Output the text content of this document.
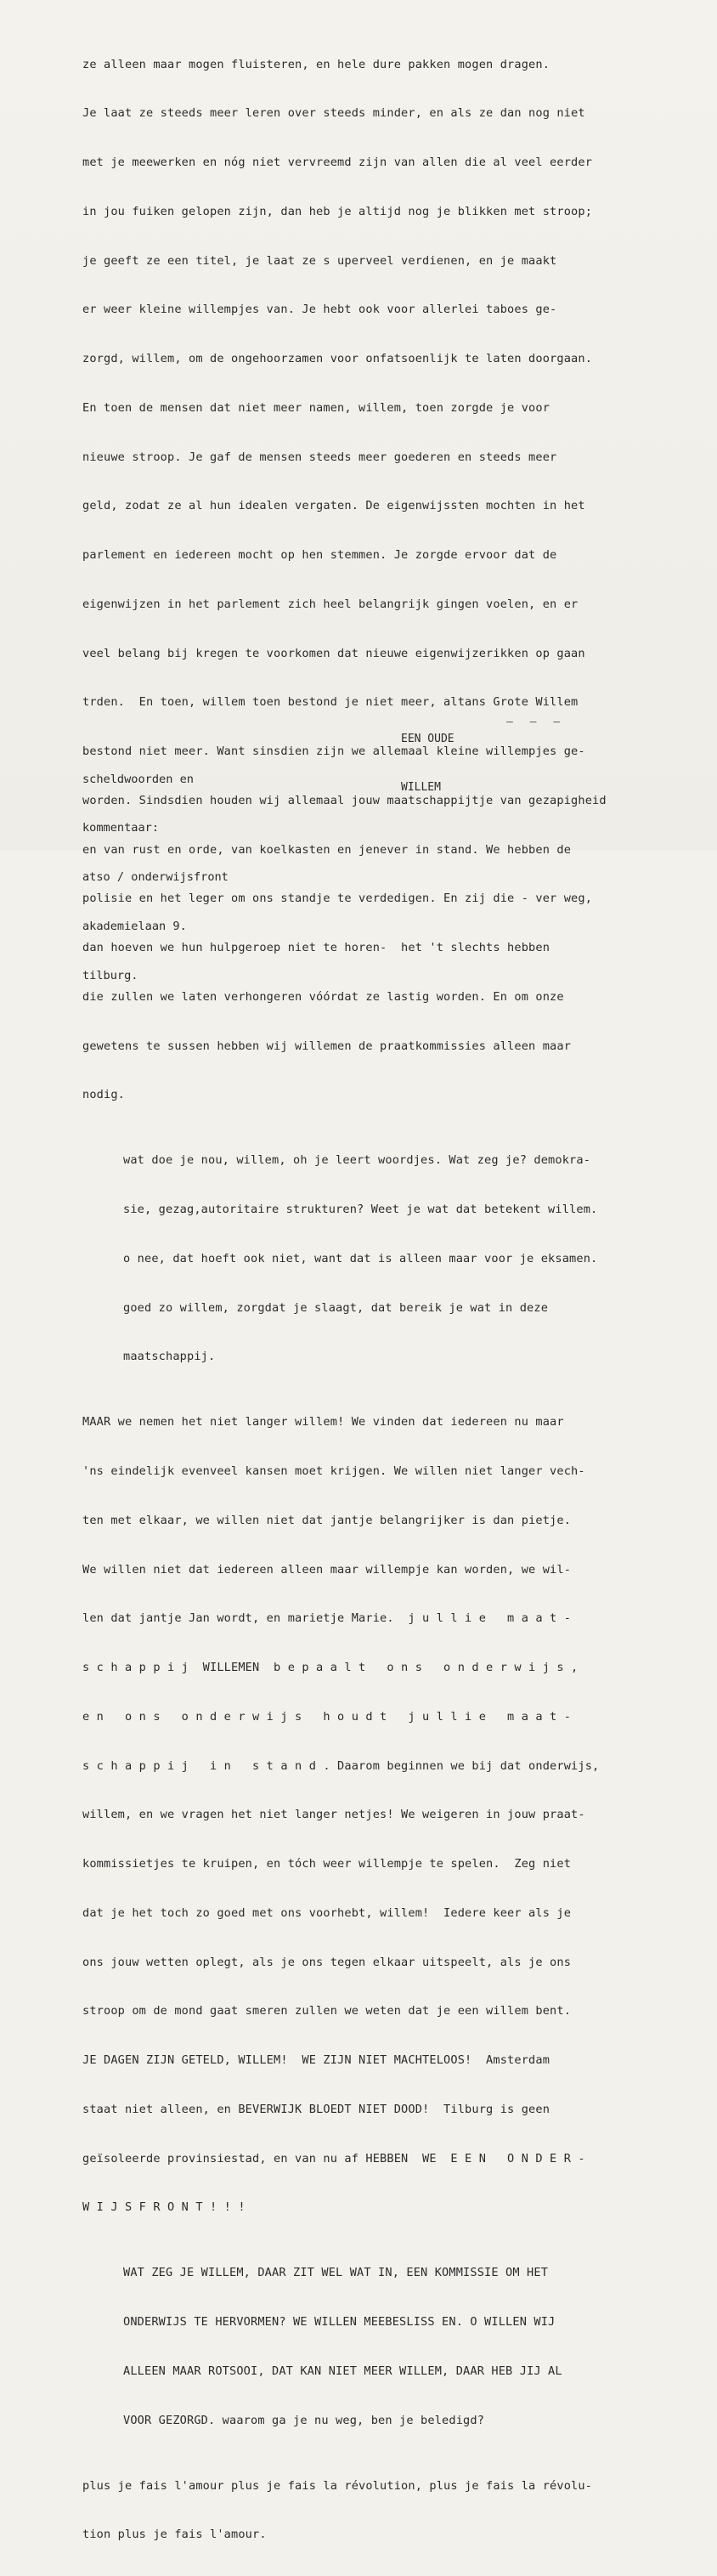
ze alleen maar mogen fluisteren, en hele dure pakken mogen dragen.

Je laat ze steeds meer leren over steeds minder, en als ze dan nog niet

met je meewerken en nóg niet vervreemd zijn van allen die al veel eerder

in jou fuiken gelopen zijn, dan heb je altijd nog je blikken met stroop;

je geeft ze een titel, je laat ze s uperveel verdienen, en je maakt

er weer kleine willempjes van. Je hebt ook voor allerlei taboes ge-

zorgd, willem, om de ongehoorzamen voor onfatsoenlijk te laten doorgaan.

En toen de mensen dat niet meer namen, willem, toen zorgde je voor

nieuwe stroop. Je gaf de mensen steeds meer goederen en steeds meer

geld, zodat ze al hun idealen vergaten. De eigenwijssten mochten in het

parlement en iedereen mocht op hen stemmen. Je zorgde ervoor dat de

eigenwijzen in het parlement zich heel belangrijk gingen voelen, en er

veel belang bij kregen te voorkomen dat nieuwe eigenwijzerikken op gaan

trden.  En toen, willem toen bestond je niet meer, altans Grote Willem

bestond niet meer. Want sinsdien zijn we allemaal kleine willempjes ge-

worden. Sindsdien houden wij allemaal jouw maatschappijtje van gezapigheid

en van rust en orde, van koelkasten en jenever in stand. We hebben de

polisie en het leger om ons standje te verdedigen. En zij die - ver weg,

dan hoeven we hun hulpgeroep niet te horen-  het 't slechts hebben

die zullen we laten verhongeren vóórdat ze lastig worden. En om onze

gewetens te sussen hebben wij willemen de praatkommissies alleen maar

nodig.

wat doe je nou, willem, oh je leert woordjes. Wat zeg je? demokra-

sie, gezag,autoritaire strukturen? Weet je wat dat betekent willem.

o nee, dat hoeft ook niet, want dat is alleen maar voor je eksamen.

goed zo willem, zorgdat je slaagt, dat bereik je wat in deze

maatschappij.

MAAR we nemen het niet langer willem! We vinden dat iedereen nu maar

'ns eindelijk evenveel kansen moet krijgen. We willen niet langer vech-

ten met elkaar, we willen niet dat jantje belangrijker is dan pietje.

We willen niet dat iedereen alleen maar willempje kan worden, we wil-

len dat jantje Jan wordt, en marietje Marie.  j u l l i e   m a a t -

s c h a p p i j  WILLEMEN  b e p a a l t   o n s   o n d e r w i j s ,

e n   o n s   o n d e r w i j s   h o u d t   j u l l i e   m a a t -

s c h a p p i j   i n   s t a n d . Daarom beginnen we bij dat onderwijs,

willem, en we vragen het niet langer netjes! We weigeren in jouw praat-

kommissietjes te kruipen, en tóch weer willempje te spelen.  Zeg niet

dat je het toch zo goed met ons voorhebt, willem!  Iedere keer als je

ons jouw wetten oplegt, als je ons tegen elkaar uitspeelt, als je ons

stroop om de mond gaat smeren zullen we weten dat je een willem bent.

JE DAGEN ZIJN GETELD, WILLEM!  WE ZIJN NIET MACHTELOOS!  Amsterdam

staat niet alleen, en BEVERWIJK BLOEDT NIET DOOD!  Tilburg is geen

geïsoleerde provinsiestad, en van nu af HEBBEN  WE  E E N   O N D E R -

W I J S F R O N T ! ! !

WAT ZEG JE WILLEM, DAAR ZIT WEL WAT IN, EEN KOMMISSIE OM HET

ONDERWIJS TE HERVORMEN? WE WILLEN MEEBESLISS EN. O WILLEN WIJ

ALLEEN MAAR ROTSOOI, DAT KAN NIET MEER WILLEM, DAAR HEB JIJ AL

VOOR GEZORGD. waarom ga je nu weg, ben je beledigd?

plus je fais l'amour plus je fais la révolution, plus je fais la révolu-

tion plus je fais l'amour.

EEN OUDE

WILLEM

— — —

scheldwoorden en

kommentaar:

atso / onderwijsfront

akademielaan 9.

tilburg.
